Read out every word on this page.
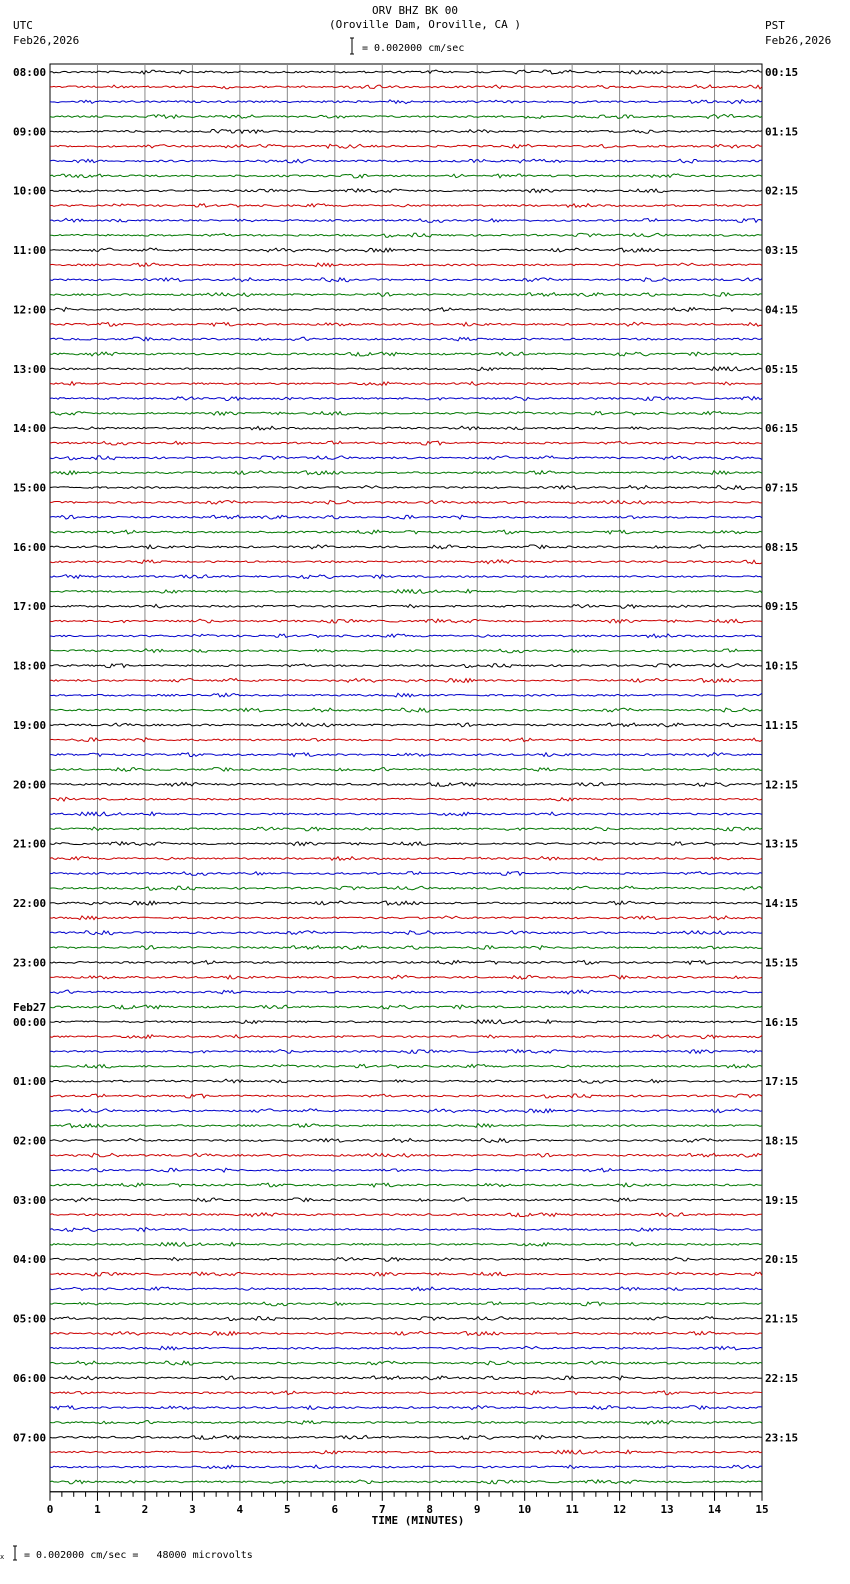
ORV BHZ BK 00
(Oroville Dam, Oroville, CA )
UTC
Feb26,2026
PST
Feb26,2026
= 0.002000 cm/sec
08:00
09:00
10:00
11:00
12:00
13:00
14:00
15:00
16:00
17:00
18:00
19:00
20:00
21:00
22:00
23:00
00:00
01:00
02:00
03:00
04:00
05:00
06:00
07:00
00:15
01:15
02:15
03:15
04:15
05:15
06:15
07:15
08:15
09:15
10:15
11:15
12:15
13:15
14:15
15:15
16:15
17:15
18:15
19:15
20:15
21:15
22:15
23:15
Feb27
0	1	2	3	4	5	6	7	8	9	10	11	12	13	14	15
TIME (MINUTES)
x = 0.002000 cm/sec =   48000 microvolts
